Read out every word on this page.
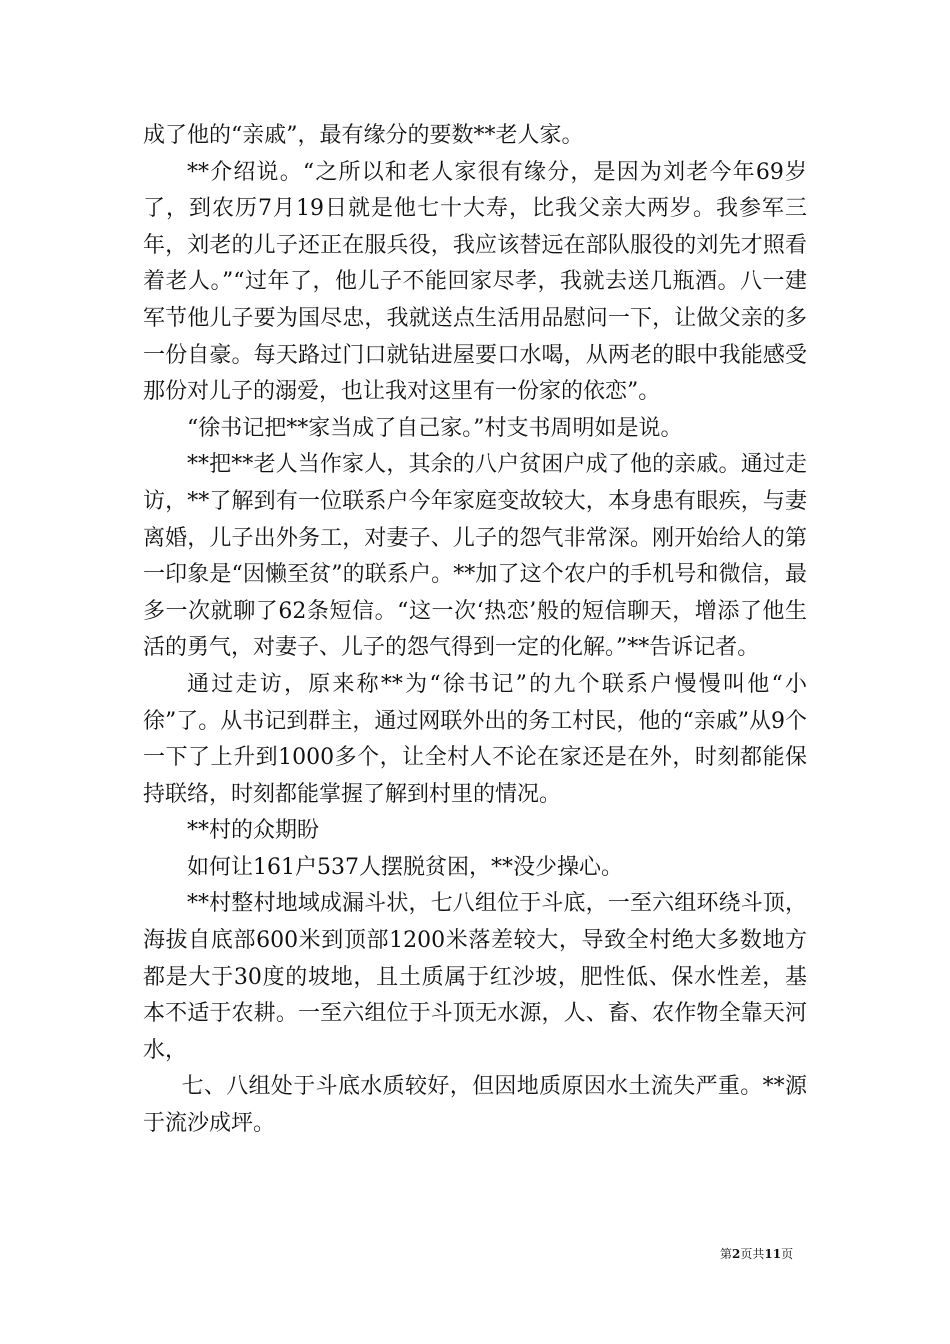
成了他的“亲戚”，最有缘分的要数**老人家。

**介绍说。“之所以和老人家很有缘分，是因为刘老今年69岁了，到农历7月19日就是他七十大寿，比我父亲大两岁。我参军三年，刘老的儿子还正在服兵役，我应该替远在部队服役的刘先才照看着老人。”“过年了，他儿子不能回家尽孝，我就去送几瓶酒。八一建军节他儿子要为国尽忠，我就送点生活用品慰问一下，让做父亲的多一份自豪。每天路过门口就钻进屋要口水喝，从两老的眼中我能感受那份对儿子的溺爱，也让我对这里有一份家的依恋”。

“徐书记把**家当成了自己家。”村支书周明如是说。

**把**老人当作家人，其余的八户贫困户成了他的亲戚。通过走访，**了解到有一位联系户今年家庭变故较大，本身患有眼疾，与妻离婚，儿子出外务工，对妻子、儿子的怨气非常深。刚开始给人的第一印象是“因懒至贫”的联系户。**加了这个农户的手机号和微信，最多一次就聊了62条短信。“这一次‘热恋’般的短信聊天，增添了他生活的勇气，对妻子、儿子的怨气得到一定的化解。”**告诉记者。

通过走访，原来称**为“徐书记”的九个联系户慢慢叫他“小徐”了。从书记到群主，通过网联外出的务工村民，他的“亲戚”从9个一下了上升到1000多个，让全村人不论在家还是在外，时刻都能保持联络，时刻都能掌握了解到村里的情况。

**村的众期盼

如何让161户537人摆脱贫困，**没少操心。

**村整村地域成漏斗状，七八组位于斗底，一至六组环绕斗顶，海拔自底部600米到顶部1200米落差较大，导致全村绝大多数地方都是大于30度的坡地，且土质属于红沙坡，肥性低、保水性差，基本不适于农耕。一至六组位于斗顶无水源，人、畜、农作物全靠天河水，

七、八组处于斗底水质较好，但因地质原因水土流失严重。**源于流沙成坪。

第2页共11页
